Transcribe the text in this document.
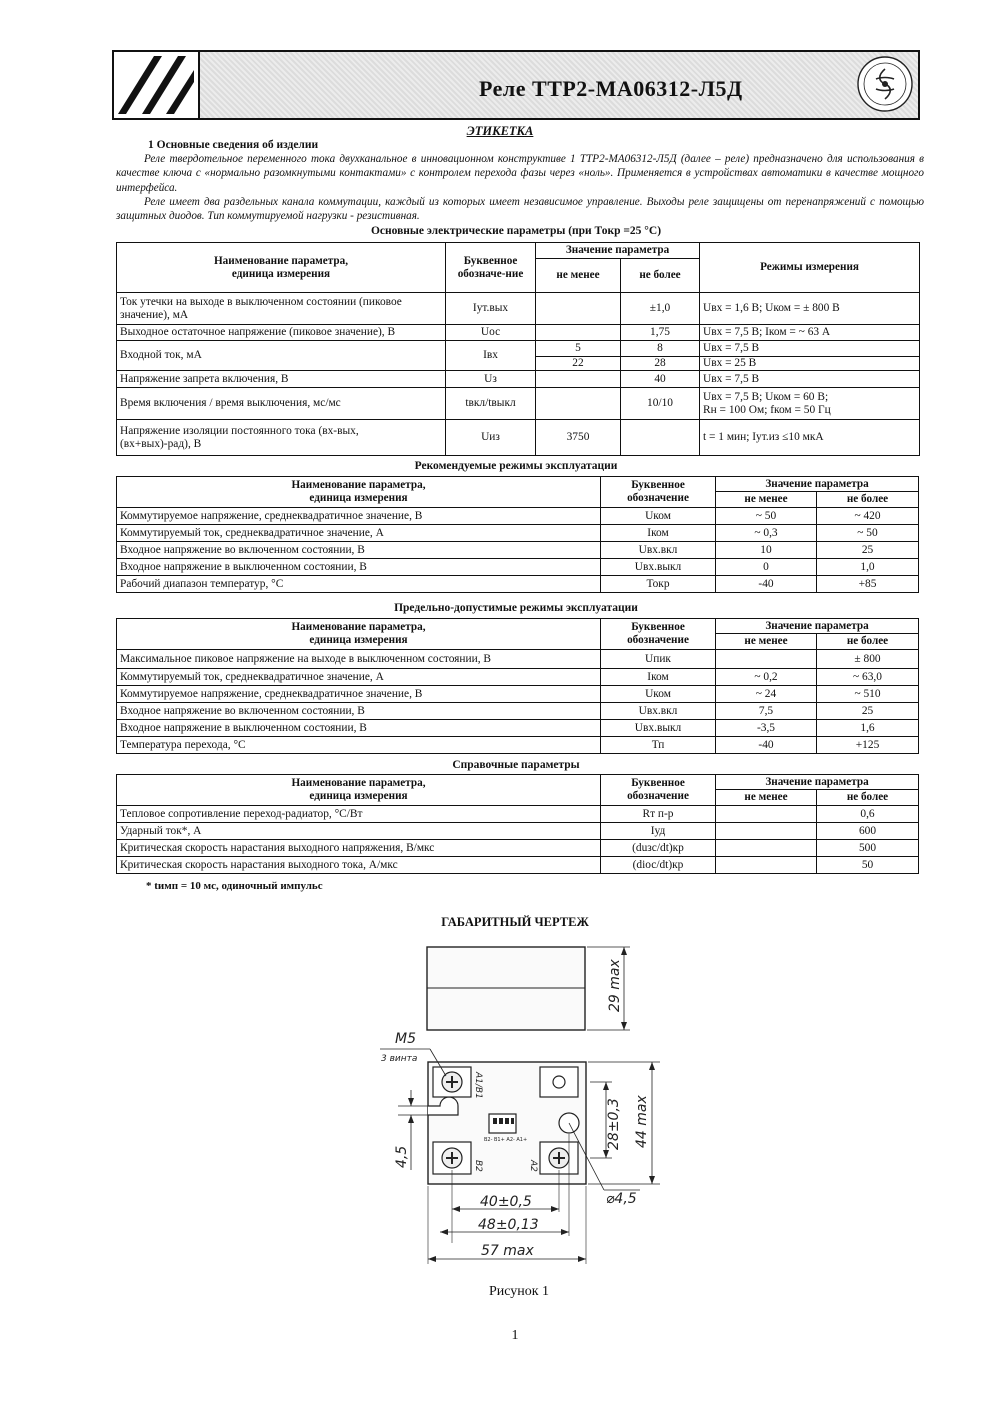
Реле ТТР2-МА06312-Л5Д
ЭТИКЕТКА
1 Основные сведения об изделии
Реле твердотельное переменного тока двухканальное в инновационном конструктиве 1 ТТР2-МА06312-Л5Д (далее – реле) предназначено для использования в качестве ключа с «нормально разомкнутыми контактами» с контролем перехода фазы через «ноль». Применяется в устройствах автоматики в качестве мощного интерфейса.
Реле имеет два раздельных канала коммутации, каждый из которых имеет независимое управление. Выходы реле защищены от перенапряжений с помощью защитных диодов. Тип коммутируемой нагрузки - резистивная.
Основные электрические параметры (при Токр =25 °С)
Наименование параметра,
единица измерения	Буквенное обозначе-ние	Значение параметра		Режимы измерения
		не менее	не более	
Ток утечки на выходе в выключенном состоянии (пиковое значение), мА	Iут.вых		±1,0	Uвх = 1,6 В; Uком = ± 800 В
Выходное остаточное напряжение (пиковое значение), В	Uос		1,75	Uвх = 7,5 В; Iком = ~ 63 А
Входной ток, мА	Iвх	5	8	Uвх = 7,5 В
		22	28	Uвх = 25 В
Напряжение запрета включения, В	Uз		40	Uвх = 7,5 В
Время включения / время выключения, мс/мс	tвкл/tвыкл		10/10	Uвх = 7,5 В; Uком = 60 В;
Rн = 100 Ом; fком = 50 Гц
Напряжение изоляции постоянного тока (вх-вых,
(вх+вых)-рад), В	Uиз	3750		t = 1 мин; Iут.из ≤10 мкА
Рекомендуемые режимы эксплуатации
Наименование параметра,
единица измерения	Буквенное
обозначение	Значение параметра	
		не менее	не более
Коммутируемое напряжение, среднеквадратичное значение, В	Uком	~ 50	~ 420
Коммутируемый ток, среднеквадратичное значение, А	Iком	~ 0,3	~ 50
Входное напряжение во включенном состоянии, В	Uвх.вкл	10	25
Входное напряжение в выключенном состоянии, В	Uвх.выкл	0	1,0
Рабочий диапазон температур, °С	Токр	-40	+85
Предельно-допустимые режимы эксплуатации
Наименование параметра,
единица измерения	Буквенное
обозначение	Значение параметра	
		не менее	не более
Максимальное пиковое напряжение на выходе в выключенном состоянии, В	Uпик		± 800
Коммутируемый ток, среднеквадратичное значение, А	Iком	~ 0,2	~ 63,0
Коммутируемое напряжение, среднеквадратичное значение, В	Uком	~ 24	~ 510
Входное напряжение во включенном состоянии, В	Uвх.вкл	7,5	25
Входное напряжение в выключенном состоянии, В	Uвх.выкл	-3,5	1,6
Температура перехода, °С	Тп	-40	+125
Справочные параметры
Наименование параметра,
единица измерения	Буквенное
обозначение	Значение параметра	
		не менее	не более
Тепловое сопротивление переход-радиатор, °С/Вт	Rт п-р		0,6
Ударный ток*, А	Iуд		600
Критическая скорость нарастания выходного напряжения, В/мкс	(duзс/dt)кр		500
Критическая скорость нарастания выходного тока, А/мкс	(diос/dt)кр		50
* tимп = 10 мс, одиночный импульс
ГАБАРИТНЫЙ ЧЕРТЕЖ
29 max
B2- B1+ A2- A1+
A1/B1
B2	A2
M5
3 винта
28±0,3 44 max
4,5
⌀4,5
40±0,5
48±0,13
57 max
Рисунок 1
1
